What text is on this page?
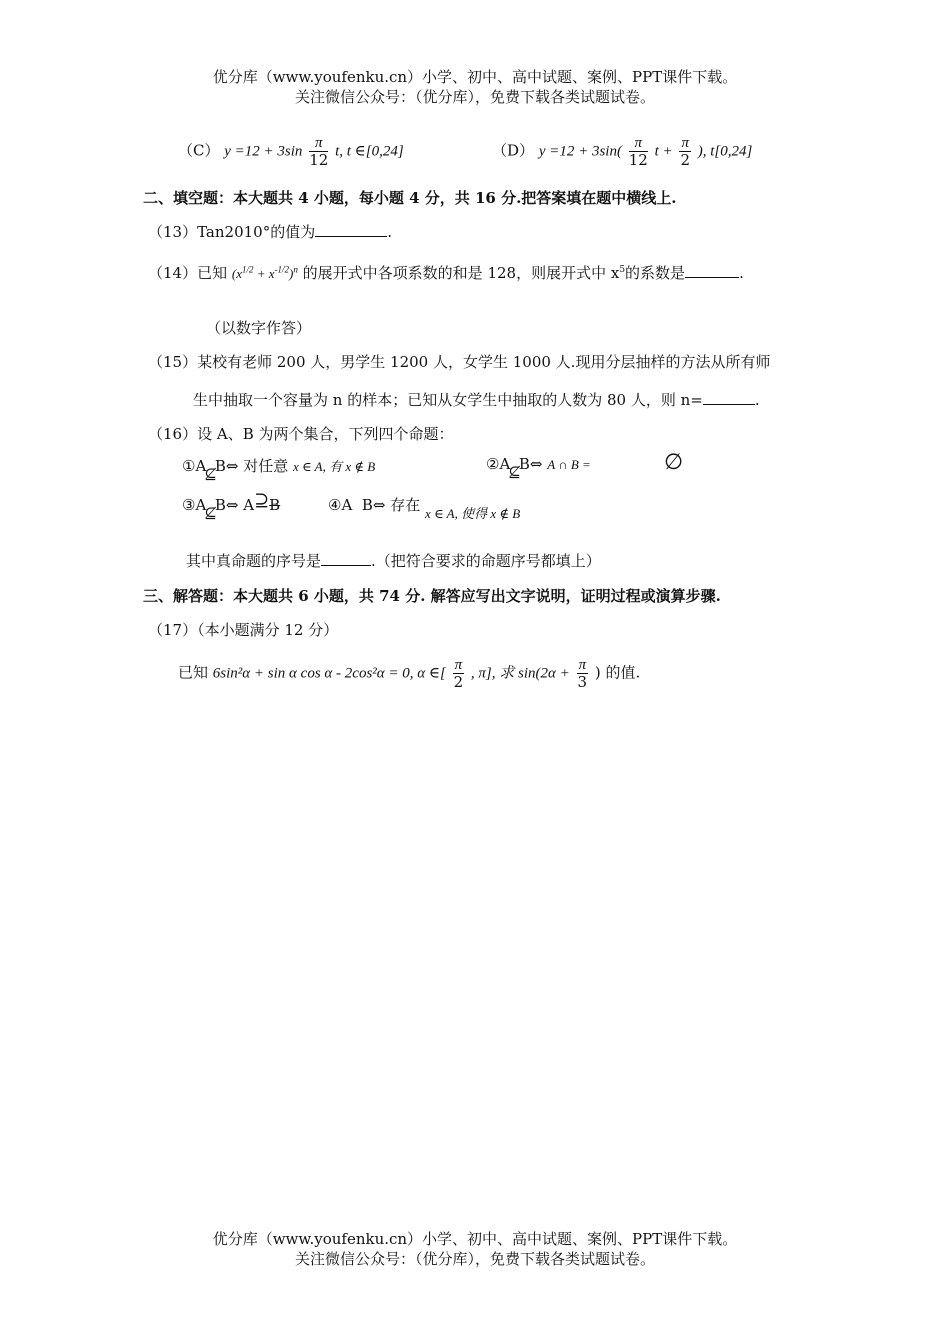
优分库（www.youfenku.cn）小学、初中、高中试题、案例、PPT课件下载。
关注微信公众号：（优分库），免费下载各类试题试卷。
（C） $y =12 + 3\sin \frac{\pi}{12} t$, t ∈[0,24]	（D） $y =12 + 3\sin( \frac{\pi}{12}$ $t + \frac{\pi}{2}$ ), t[0,24]
二、填空题：本大题共 4 小题，每小题 4 分，共 16 分.把答案填在题中横线上.
（13）Tan2010°的值为	.
（14）已知 $(x^{1/2} + x^{-1/2})^n$ 的展开式中各项系数的和是 128，则展开式中 $x^5$的系数是	.
（以数字作答）
（15）某校有老师 200 人，男学生 1200 人，女学生 1000 人.现用分层抽样的方法从所有师
生中抽取一个容量为 n 的样本；已知从女学生中抽取的人数为 80 人，则 n=	.
（16）设 A、B 为两个集合，下列四个命题：
①A⊈B⇔ 对任意 x ∈ A, 有 x ∉ B	②A⊈B⇔ A ∩ B =	∅
③A⊈B⇔ A⊇B	④A B⇔ 存在 x ∈ A, 使得 x ∉ B
其中真命题的序号是	.（把符合要求的命题序号都填上）
三、解答题：本大题共 6 小题，共 74 分. 解答应写出文字说明，证明过程或演算步骤.
（17）（本小题满分 12 分）
已知 6sin²α + sin α cos α - 2cos²α = 0, α ∈[ $\frac{\pi}{2}$ , π], 求 $\sin(2\alpha + \frac{\pi}{3}$ ) 的值.
优分库（www.youfenku.cn）小学、初中、高中试题、案例、PPT课件下载。
关注微信公众号：（优分库），免费下载各类试题试卷。
